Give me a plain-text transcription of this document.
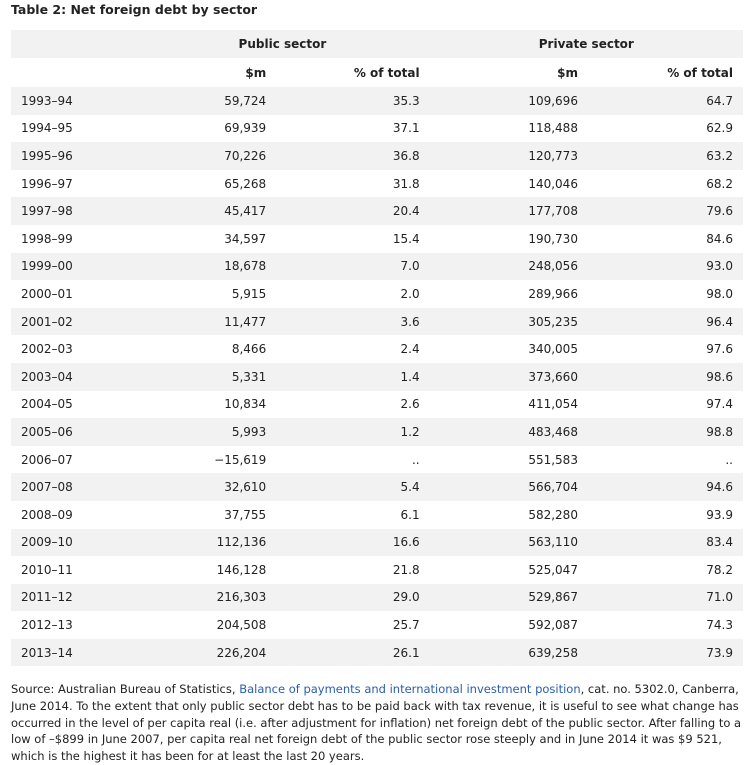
Table 2: Net foreign debt by sector
	Public sector		Private sector	
	$m	% of total	$m	% of total
1993–94	59,724	35.3	109,696	64.7
1994–95	69,939	37.1	118,488	62.9
1995–96	70,226	36.8	120,773	63.2
1996–97	65,268	31.8	140,046	68.2
1997–98	45,417	20.4	177,708	79.6
1998–99	34,597	15.4	190,730	84.6
1999–00	18,678	7.0	248,056	93.0
2000–01	5,915	2.0	289,966	98.0
2001–02	11,477	3.6	305,235	96.4
2002–03	8,466	2.4	340,005	97.6
2003–04	5,331	1.4	373,660	98.6
2004–05	10,834	2.6	411,054	97.4
2005–06	5,993	1.2	483,468	98.8
2006–07	−15,619	..	551,583	..
2007–08	32,610	5.4	566,704	94.6
2008–09	37,755	6.1	582,280	93.9
2009–10	112,136	16.6	563,110	83.4
2010–11	146,128	21.8	525,047	78.2
2011–12	216,303	29.0	529,867	71.0
2012–13	204,508	25.7	592,087	74.3
2013–14	226,204	26.1	639,258	73.9
Source: Australian Bureau of Statistics, Balance of payments and international investment position, cat. no. 5302.0, Canberra, June 2014. To the extent that only public sector debt has to be paid back with tax revenue, it is useful to see what change has occurred in the level of per capita real (i.e. after adjustment for inflation) net foreign debt of the public sector. After falling to a low of –$899 in June 2007, per capita real net foreign debt of the public sector rose steeply and in June 2014 it was $9 521, which is the highest it has been for at least the last 20 years.
